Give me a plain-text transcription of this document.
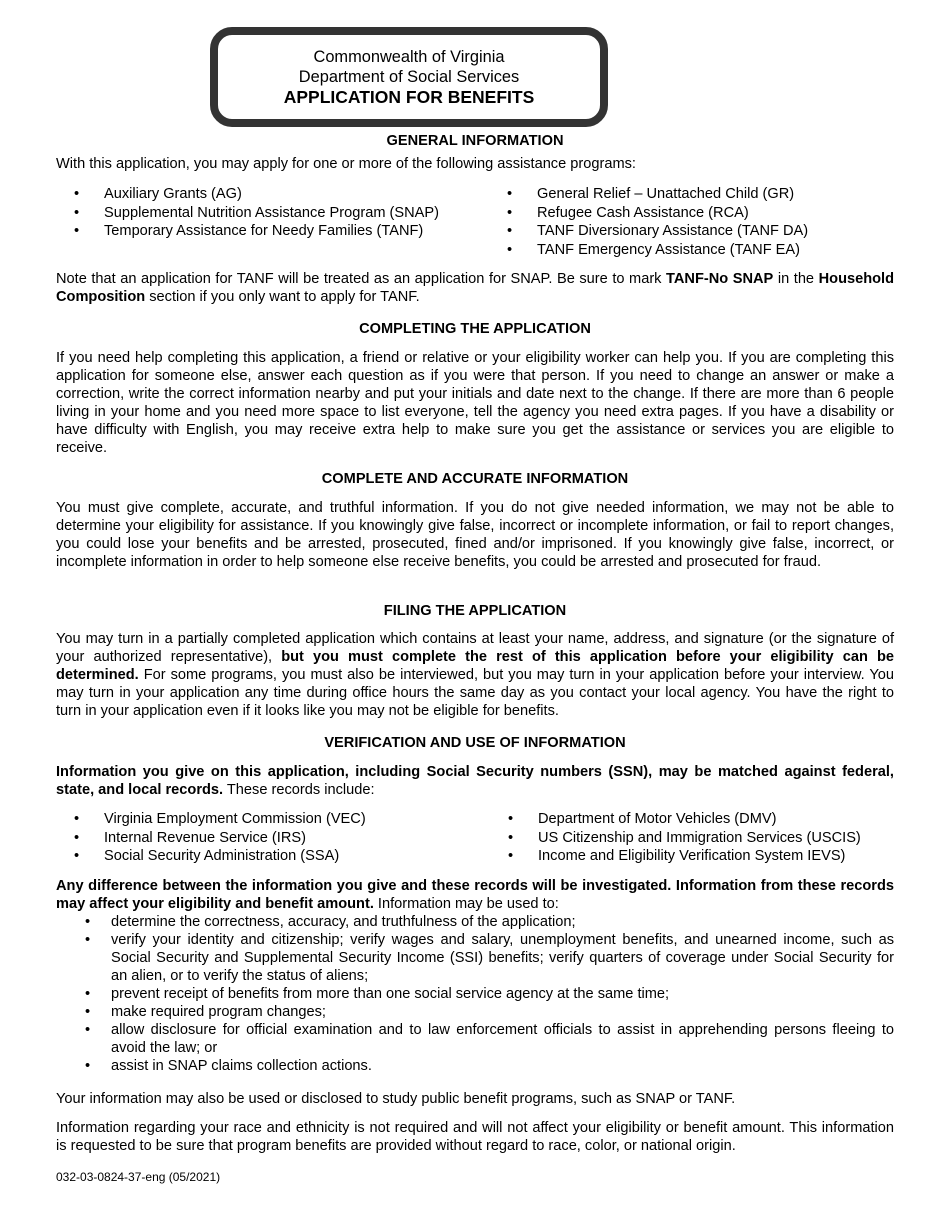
Commonwealth of Virginia
Department of Social Services
APPLICATION FOR BENEFITS
GENERAL INFORMATION

With this application, you may apply for one or more of the following assistance programs:

• Auxiliary Grants (AG)
• Supplemental Nutrition Assistance Program (SNAP)
• Temporary Assistance for Needy Families (TANF)
• General Relief – Unattached Child (GR)
• Refugee Cash Assistance (RCA)
• TANF Diversionary Assistance (TANF DA)
• TANF Emergency Assistance (TANF EA)

Note that an application for TANF will be treated as an application for SNAP. Be sure to mark TANF-No SNAP in the Household Composition section if you only want to apply for TANF.

COMPLETING THE APPLICATION

If you need help completing this application, a friend or relative or your eligibility worker can help you. If you are completing this application for someone else, answer each question as if you were that person. If you need to change an answer or make a correction, write the correct information nearby and put your initials and date next to the change. If there are more than 6 people living in your home and you need more space to list everyone, tell the agency you need extra pages. If you have a disability or have difficulty with English, you may receive extra help to make sure you get the assistance or services you are eligible to receive.

COMPLETE AND ACCURATE INFORMATION

You must give complete, accurate, and truthful information. If you do not give needed information, we may not be able to determine your eligibility for assistance. If you knowingly give false, incorrect or incomplete information, or fail to report changes, you could lose your benefits and be arrested, prosecuted, fined and/or imprisoned. If you knowingly give false, incorrect, or incomplete information in order to help someone else receive benefits, you could be arrested and prosecuted for fraud.

FILING THE APPLICATION

You may turn in a partially completed application which contains at least your name, address, and signature (or the signature of your authorized representative), but you must complete the rest of this application before your eligibility can be determined. For some programs, you must also be interviewed, but you may turn in your application before your interview. You may turn in your application any time during office hours the same day as you contact your local agency. You have the right to turn in your application even if it looks like you may not be eligible for benefits.

VERIFICATION AND USE OF INFORMATION

Information you give on this application, including Social Security numbers (SSN), may be matched against federal, state, and local records. These records include:

• Virginia Employment Commission (VEC)
• Internal Revenue Service (IRS)
• Social Security Administration (SSA)
• Department of Motor Vehicles (DMV)
• US Citizenship and Immigration Services (USCIS)
• Income and Eligibility Verification System IEVS)

Any difference between the information you give and these records will be investigated. Information from these records may affect your eligibility and benefit amount. Information may be used to:

• determine the correctness, accuracy, and truthfulness of the application;
• verify your identity and citizenship; verify wages and salary, unemployment benefits, and unearned income, such as Social Security and Supplemental Security Income (SSI) benefits; verify quarters of coverage under Social Security for an alien, or to verify the status of aliens;
• prevent receipt of benefits from more than one social service agency at the same time;
• make required program changes;
• allow disclosure for official examination and to law enforcement officials to assist in apprehending persons fleeing to avoid the law; or
• assist in SNAP claims collection actions.

Your information may also be used or disclosed to study public benefit programs, such as SNAP or TANF.

Information regarding your race and ethnicity is not required and will not affect your eligibility or benefit amount. This information is requested to be sure that program benefits are provided without regard to race, color, or national origin.

032-03-0824-37-eng (05/2021)
